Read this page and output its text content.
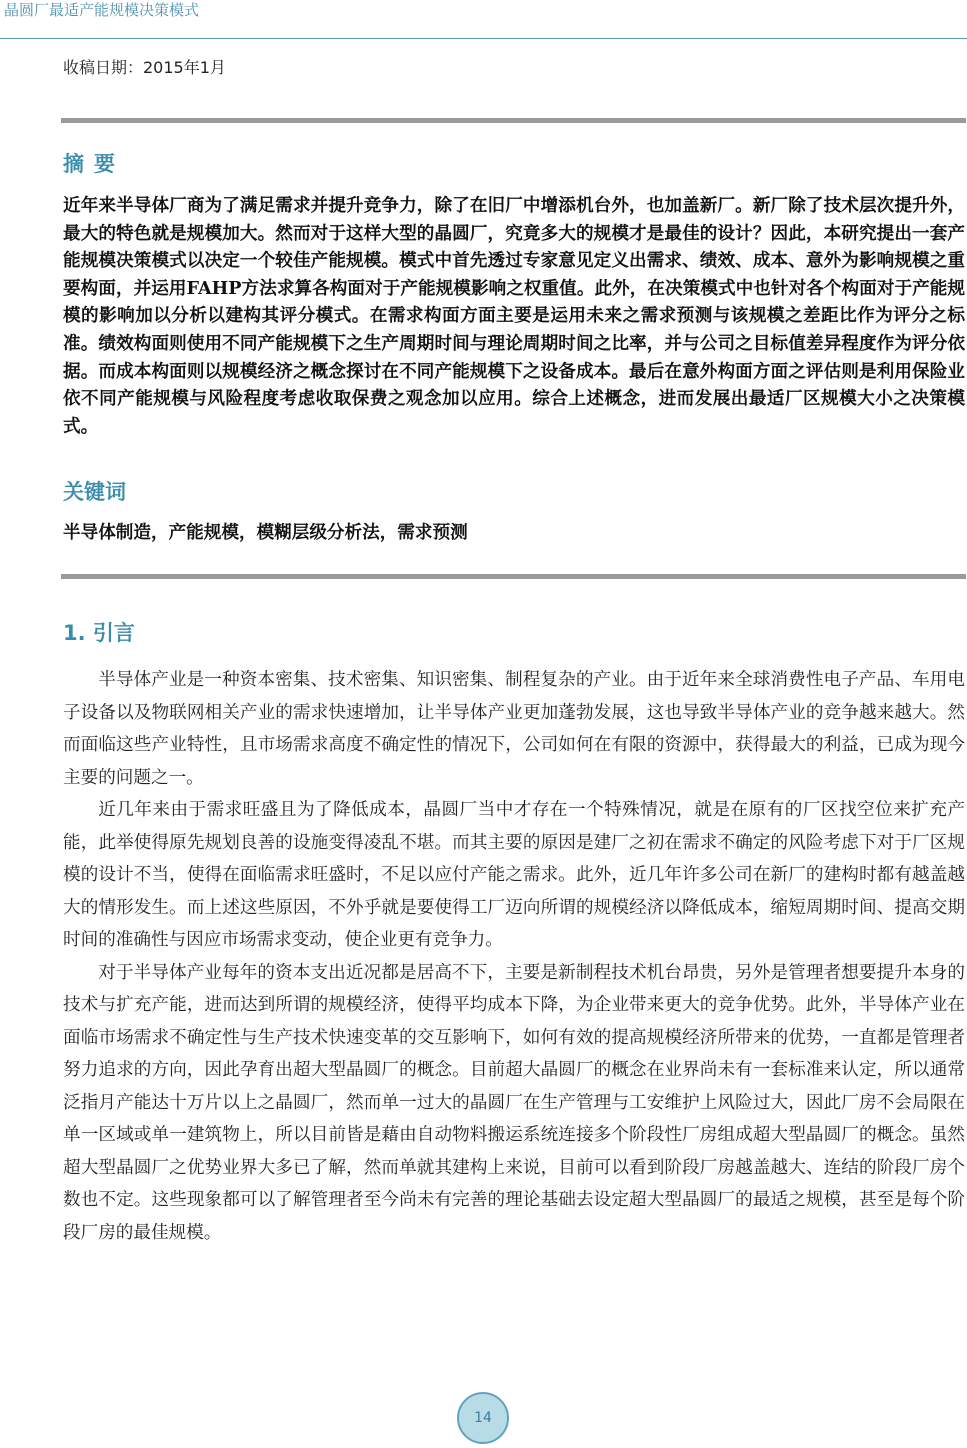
晶圆厂最适产能规模决策模式
收稿日期：2015年1月
摘要
近年来半导体厂商为了满足需求并提升竞争力，除了在旧厂中增添机台外，也加盖新厂。新厂除了技术层次提升外，最大的特色就是规模加大。然而对于这样大型的晶圆厂，究竟多大的规模才是最佳的设计？因此，本研究提出一套产能规模决策模式以决定一个较佳产能规模。模式中首先透过专家意见定义出需求、绩效、成本、意外为影响规模之重要构面，并运用FAHP方法求算各构面对于产能规模影响之权重值。此外，在决策模式中也针对各个构面对于产能规模的影响加以分析以建构其评分模式。在需求构面方面主要是运用未来之需求预测与该规模之差距比作为评分之标准。绩效构面则使用不同产能规模下之生产周期时间与理论周期时间之比率，并与公司之目标值差异程度作为评分依据。而成本构面则以规模经济之概念探讨在不同产能规模下之设备成本。最后在意外构面方面之评估则是利用保险业依不同产能规模与风险程度考虑收取保费之观念加以应用。综合上述概念，进而发展出最适厂区规模大小之决策模式。
关键词
半导体制造，产能规模，模糊层级分析法，需求预测
1. 引言

半导体产业是一种资本密集、技术密集、知识密集、制程复杂的产业。由于近年来全球消费性电子产品、车用电子设备以及物联网相关产业的需求快速增加，让半导体产业更加蓬勃发展，这也导致半导体产业的竞争越来越大。然而面临这些产业特性，且市场需求高度不确定性的情况下，公司如何在有限的资源中，获得最大的利益，已成为现今主要的问题之一。

近几年来由于需求旺盛且为了降低成本，晶圆厂当中才存在一个特殊情况，就是在原有的厂区找空位来扩充产能，此举使得原先规划良善的设施变得凌乱不堪。而其主要的原因是建厂之初在需求不确定的风险考虑下对于厂区规模的设计不当，使得在面临需求旺盛时，不足以应付产能之需求。此外，近几年许多公司在新厂的建构时都有越盖越大的情形发生。而上述这些原因，不外乎就是要使得工厂迈向所谓的规模经济以降低成本，缩短周期时间、提高交期时间的准确性与因应市场需求变动，使企业更有竞争力。

对于半导体产业每年的资本支出近况都是居高不下，主要是新制程技术机台昂贵，另外是管理者想要提升本身的技术与扩充产能，进而达到所谓的规模经济，使得平均成本下降，为企业带来更大的竞争优势。此外，半导体产业在面临市场需求不确定性与生产技术快速变革的交互影响下，如何有效的提高规模经济所带来的优势，一直都是管理者努力追求的方向，因此孕育出超大型晶圆厂的概念。目前超大晶圆厂的概念在业界尚未有一套标准来认定，所以通常泛指月产能达十万片以上之晶圆厂，然而单一过大的晶圆厂在生产管理与工安维护上风险过大，因此厂房不会局限在单一区域或单一建筑物上，所以目前皆是藉由自动物料搬运系统连接多个阶段性厂房组成超大型晶圆厂的概念。虽然超大型晶圆厂之优势业界大多已了解，然而单就其建构上来说，目前可以看到阶段厂房越盖越大、连结的阶段厂房个数也不定。这些现象都可以了解管理者至今尚未有完善的理论基础去设定超大型晶圆厂的最适之规模，甚至是每个阶段厂房的最佳规模。

14
